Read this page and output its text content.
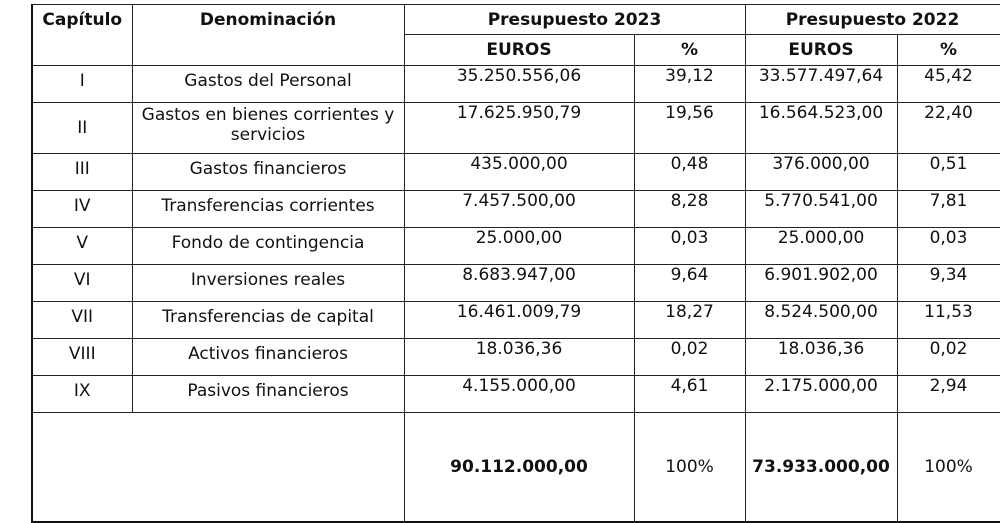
Capítulo	Denominación	Presupuesto 2023		Presupuesto 2022	
		EUROS	%	EUROS	%
I	Gastos del Personal	35.250.556,06	39,12	33.577.497,64	45,42
II	Gastos en bienes corrientes y servicios	17.625.950,79	19,56	16.564.523,00	22,40
III	Gastos financieros	435.000,00	0,48	376.000,00	0,51
IV	Transferencias corrientes	7.457.500,00	8,28	5.770.541,00	7,81
V	Fondo de contingencia	25.000,00	0,03	25.000,00	0,03
VI	Inversiones reales	8.683.947,00	9,64	6.901.902,00	9,34
VII	Transferencias de capital	16.461.009,79	18,27	8.524.500,00	11,53
VIII	Activos financieros	18.036,36	0,02	18.036,36	0,02
IX	Pasivos financieros	4.155.000,00	4,61	2.175.000,00	2,94
		90.112.000,00	100%	73.933.000,00	100%
